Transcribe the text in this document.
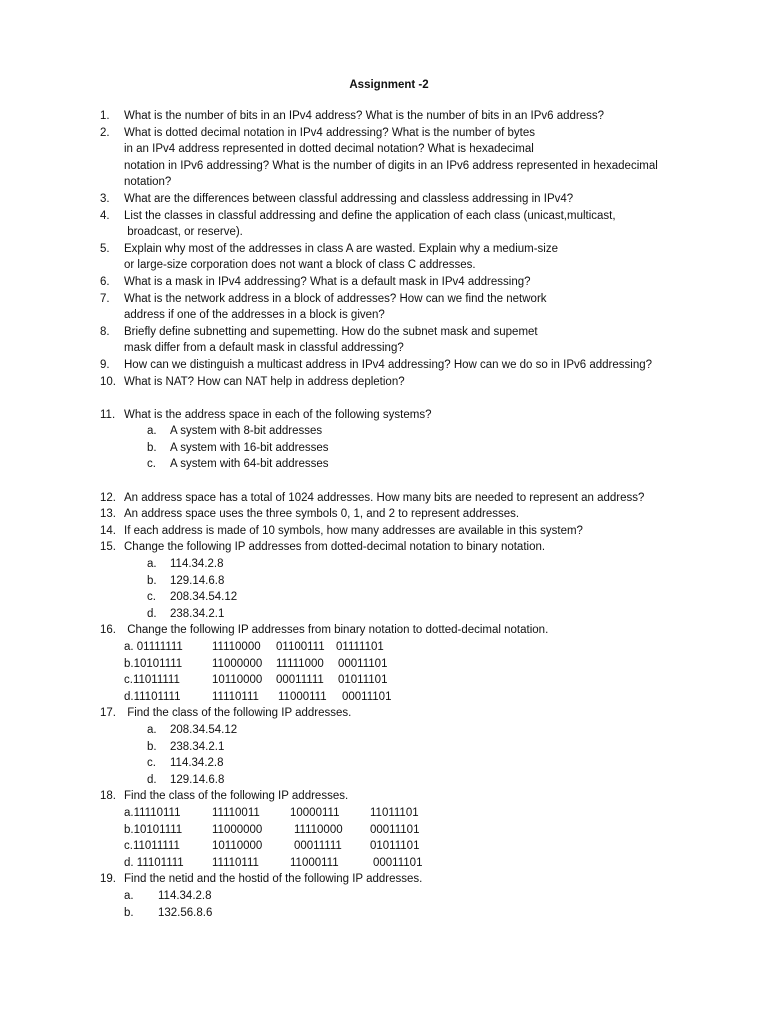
Assignment -2
1. What is the number of bits in an IPv4 address? What is the number of bits in an IPv6 address?
2. What is dotted decimal notation in IPv4 addressing? What is the number of bytes
in an IPv4 address represented in dotted decimal notation? What is hexadecimal
notation in IPv6 addressing? What is the number of digits in an IPv6 address represented in hexadecimal
notation?
3. What are the differences between classful addressing and classless addressing in IPv4?
4. List the classes in classful addressing and define the application of each class (unicast,multicast,
broadcast, or reserve).
5. Explain why most of the addresses in class A are wasted. Explain why a medium-size
or large-size corporation does not want a block of class C addresses.
6. What is a mask in IPv4 addressing? What is a default mask in IPv4 addressing?
7. What is the network address in a block of addresses? How can we find the network
address if one of the addresses in a block is given?
8. Briefly define subnetting and supemetting. How do the subnet mask and supemet
mask differ from a default mask in classful addressing?
9. How can we distinguish a multicast address in IPv4 addressing? How can we do so in IPv6 addressing?
10. What is NAT? How can NAT help in address depletion?
11. What is the address space in each of the following systems?
a. A system with 8-bit addresses
b. A system with 16-bit addresses
c. A system with 64-bit addresses
12. An address space has a total of 1024 addresses. How many bits are needed to represent an address?
13. An address space uses the three symbols 0, 1, and 2 to represent addresses.
14. If each address is made of 10 symbols, how many addresses are available in this system?
15. Change the following IP addresses from dotted-decimal notation to binary notation.
a. 114.34.2.8
b. 129.14.6.8
c. 208.34.54.12
d. 238.34.2.1
16. Change the following IP addresses from binary notation to dotted-decimal notation.
a. 01111111	11110000 01100111 01111101
b.10101111	11000000 11111000 00011101
c.11011111	10110000 00011111 01011101
d.11101111	11110111 11000111 00011101
17. Find the class of the following IP addresses.
a. 208.34.54.12
b. 238.34.2.1
c. 114.34.2.8
d. 129.14.6.8
18. Find the class of the following IP addresses.
a.11110111	11110011	10000111	11011101
b.10101111	11000000	11110000 00011101
c.11011111	10110000	00011111 01011101
d. 11101111 11110111	11000111	00011101
19. Find the netid and the hostid of the following IP addresses.
a. 114.34.2.8
b. 132.56.8.6
